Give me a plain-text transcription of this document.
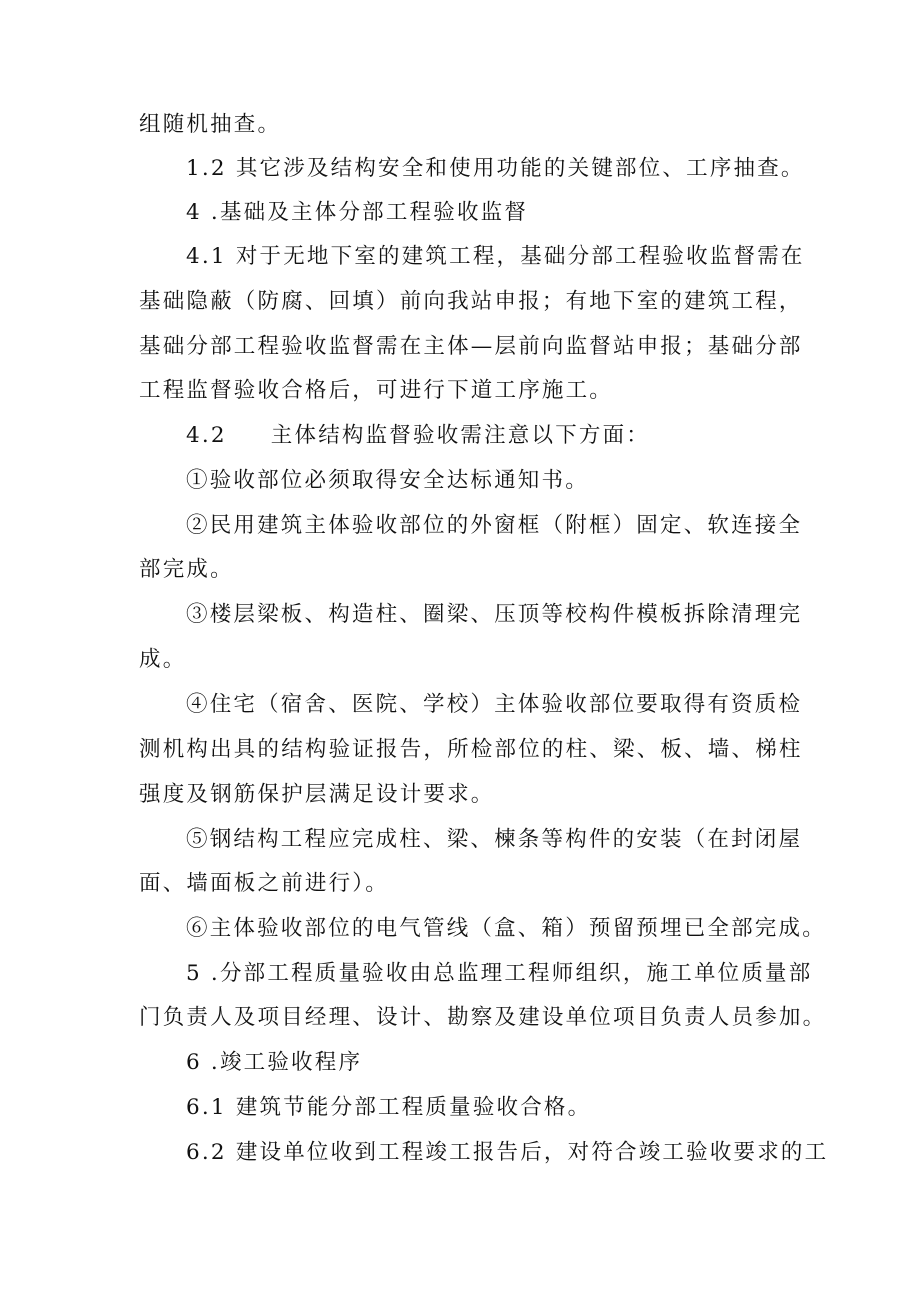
组随机抽查。
1.2 其它涉及结构安全和使用功能的关键部位、工序抽查。
4 .基础及主体分部工程验收监督
4.1 对于无地下室的建筑工程，基础分部工程验收监督需在
基础隐蔽（防腐、回填）前向我站申报；有地下室的建筑工程，
基础分部工程验收监督需在主体—层前向监督站申报；基础分部
工程监督验收合格后，可进行下道工序施工。
4.2 主体结构监督验收需注意以下方面：
①验收部位必须取得安全达标通知书。
②民用建筑主体验收部位的外窗框（附框）固定、软连接全
部完成。
③楼层梁板、构造柱、圈梁、压顶等校构件模板拆除清理完
成。
④住宅（宿舍、医院、学校）主体验收部位要取得有资质检
测机构出具的结构验证报告，所检部位的柱、梁、板、墙、梯柱
强度及钢筋保护层满足设计要求。
⑤钢结构工程应完成柱、梁、楝条等构件的安装（在封闭屋
面、墙面板之前进行）。
⑥主体验收部位的电气管线（盒、箱）预留预埋已全部完成。
5 .分部工程质量验收由总监理工程师组织，施工单位质量部
门负责人及项目经理、设计、勘察及建设单位项目负责人员参加。
6 .竣工验收程序
6.1 建筑节能分部工程质量验收合格。
6.2 建设单位收到工程竣工报告后，对符合竣工验收要求的工
